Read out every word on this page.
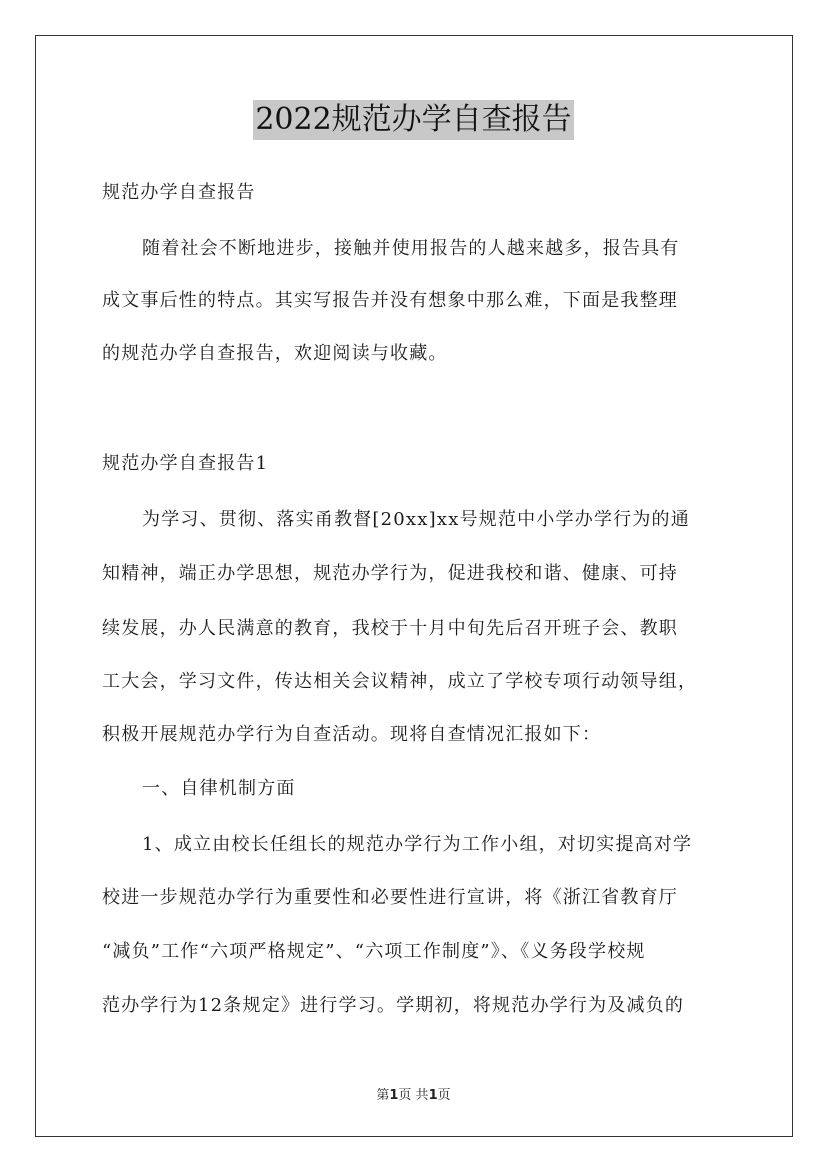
2022规范办学自查报告
规范办学自查报告
随着社会不断地进步，接触并使用报告的人越来越多，报告具有
成文事后性的特点。其实写报告并没有想象中那么难，下面是我整理
的规范办学自查报告，欢迎阅读与收藏。
规范办学自查报告1
为学习、贯彻、落实甬教督[20xx]xx号规范中小学办学行为的通
知精神，端正办学思想，规范办学行为，促进我校和谐、健康、可持
续发展，办人民满意的教育，我校于十月中旬先后召开班子会、教职
工大会，学习文件，传达相关会议精神，成立了学校专项行动领导组，
积极开展规范办学行为自查活动。现将自查情况汇报如下：
一、自律机制方面
1、成立由校长任组长的规范办学行为工作小组，对切实提高对学
校进一步规范办学行为重要性和必要性进行宣讲，将《浙江省教育厅
“减负”工作“六项严格规定”、“六项工作制度”》、《义务段学校规
范办学行为12条规定》进行学习。学期初，将规范办学行为及减负的
第1页 共1页
